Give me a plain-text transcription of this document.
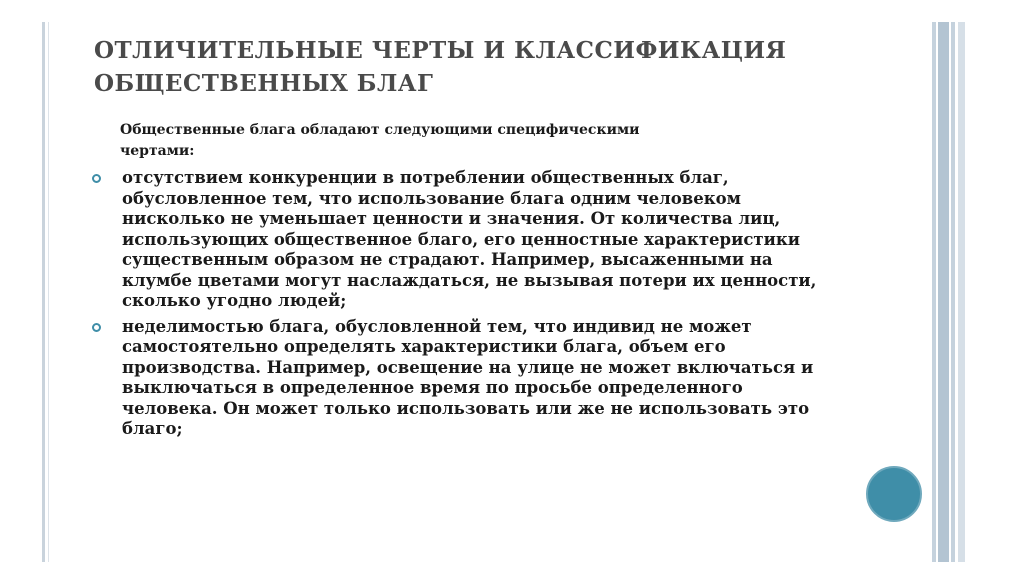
ОТЛИЧИТЕЛЬНЫЕ ЧЕРТЫ И КЛАССИФИКАЦИЯ ОБЩЕСТВЕННЫХ БЛАГ

Общественные блага обладают следующими специфическими чертами:

отсутствием конкуренции в потреблении общественных благ, обусловленное тем, что использование блага одним человеком нисколько не уменьшает ценности и значения. От количества лиц, использующих общественное благо, его ценностные характеристики существенным образом не страдают. Например, высаженными на клумбе цветами могут наслаждаться, не вызывая потери их ценности, сколько угодно людей;
неделимостью блага, обусловленной тем, что индивид не может самостоятельно определять характеристики блага, объем его производства. Например, освещение на улице не может включаться и выключаться в определенное время по просьбе определенного человека. Он может только использовать или же не использовать это благо;
